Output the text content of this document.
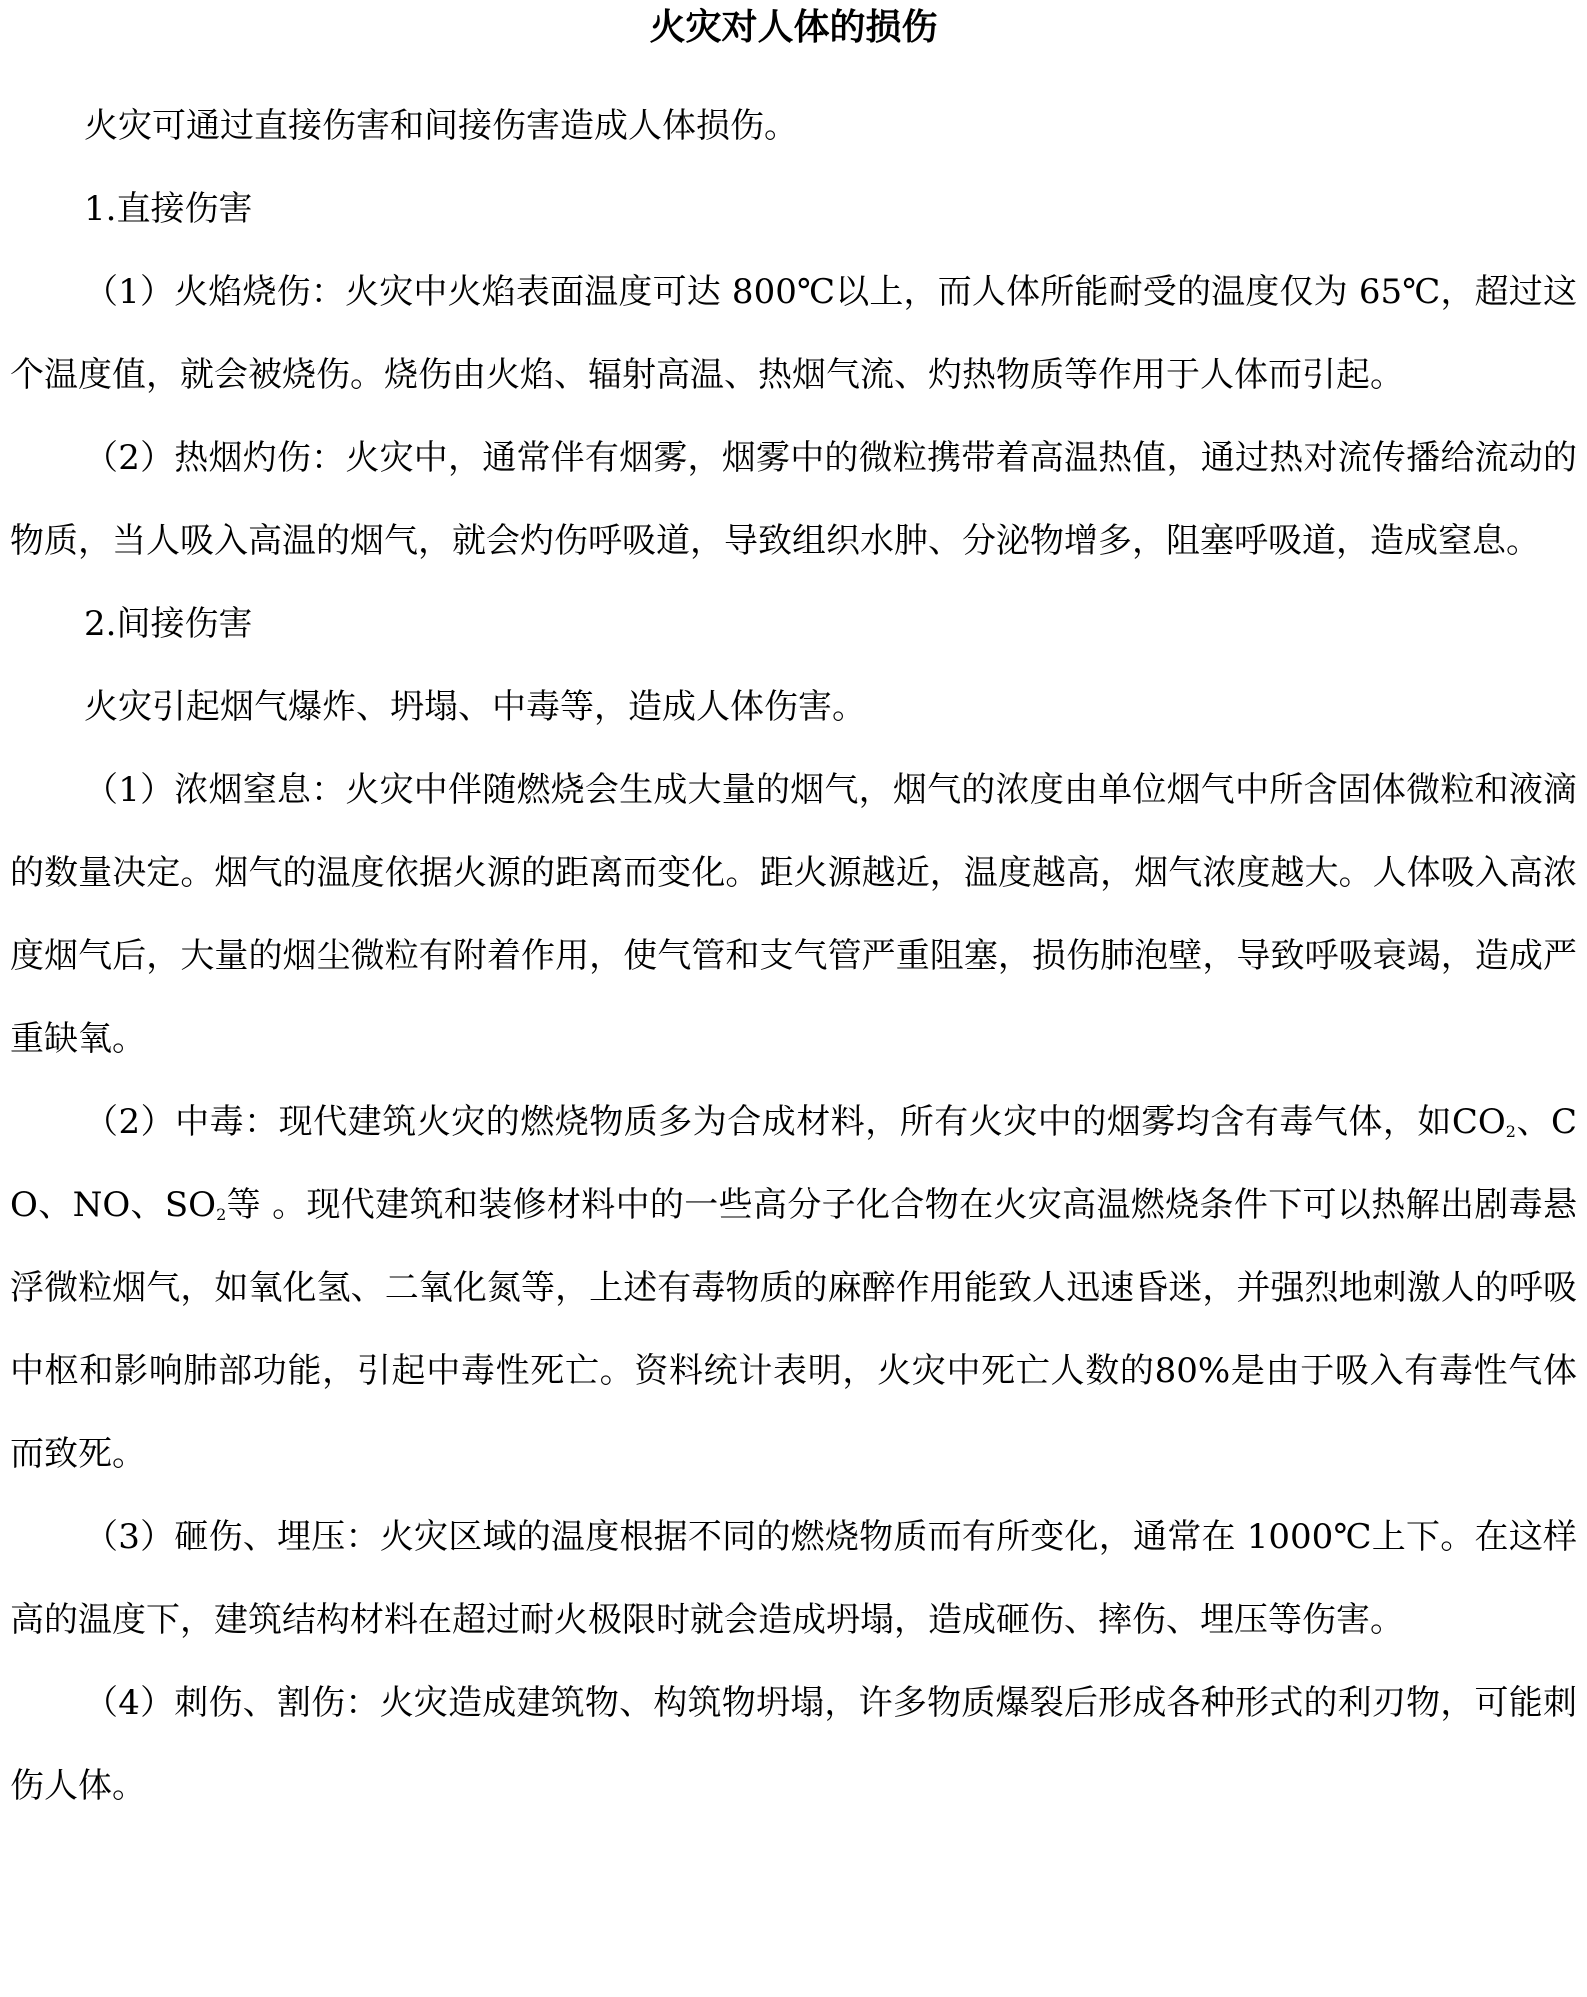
火灾对人体的损伤

火灾可通过直接伤害和间接伤害造成人体损伤。

1.直接伤害

（1）火焰烧伤：火灾中火焰表面温度可达 800℃以上，而人体所能耐受的温度仅为 65℃，超过这个温度值，就会被烧伤。烧伤由火焰、辐射高温、热烟气流、灼热物质等作用于人体而引起。

（2）热烟灼伤：火灾中，通常伴有烟雾，烟雾中的微粒携带着高温热值，通过热对流传播给流动的物质，当人吸入高温的烟气，就会灼伤呼吸道，导致组织水肿、分泌物增多，阻塞呼吸道，造成窒息。

2.间接伤害

火灾引起烟气爆炸、坍塌、中毒等，造成人体伤害。

（1）浓烟窒息：火灾中伴随燃烧会生成大量的烟气，烟气的浓度由单位烟气中所含固体微粒和液滴的数量决定。烟气的温度依据火源的距离而变化。距火源越近，温度越高，烟气浓度越大。人体吸入高浓度烟气后，大量的烟尘微粒有附着作用，使气管和支气管严重阻塞，损伤肺泡壁，导致呼吸衰竭，造成严重缺氧。

（2）中毒：现代建筑火灾的燃烧物质多为合成材料，所有火灾中的烟雾均含有毒气体，如$CO_2$、CO、NO、$SO_2$等 。现代建筑和装修材料中的一些高分子化合物在火灾高温燃烧条件下可以热解出剧毒悬浮微粒烟气，如氧化氢、二氧化氮等，上述有毒物质的麻醉作用能致人迅速昏迷，并强烈地刺激人的呼吸中枢和影响肺部功能，引起中毒性死亡。资料统计表明，火灾中死亡人数的80%是由于吸入有毒性气体而致死。

（3）砸伤、埋压：火灾区域的温度根据不同的燃烧物质而有所变化，通常在 1000℃上下。在这样高的温度下，建筑结构材料在超过耐火极限时就会造成坍塌，造成砸伤、摔伤、埋压等伤害。

（4）刺伤、割伤：火灾造成建筑物、构筑物坍塌，许多物质爆裂后形成各种形式的利刃物，可能刺伤人体。
